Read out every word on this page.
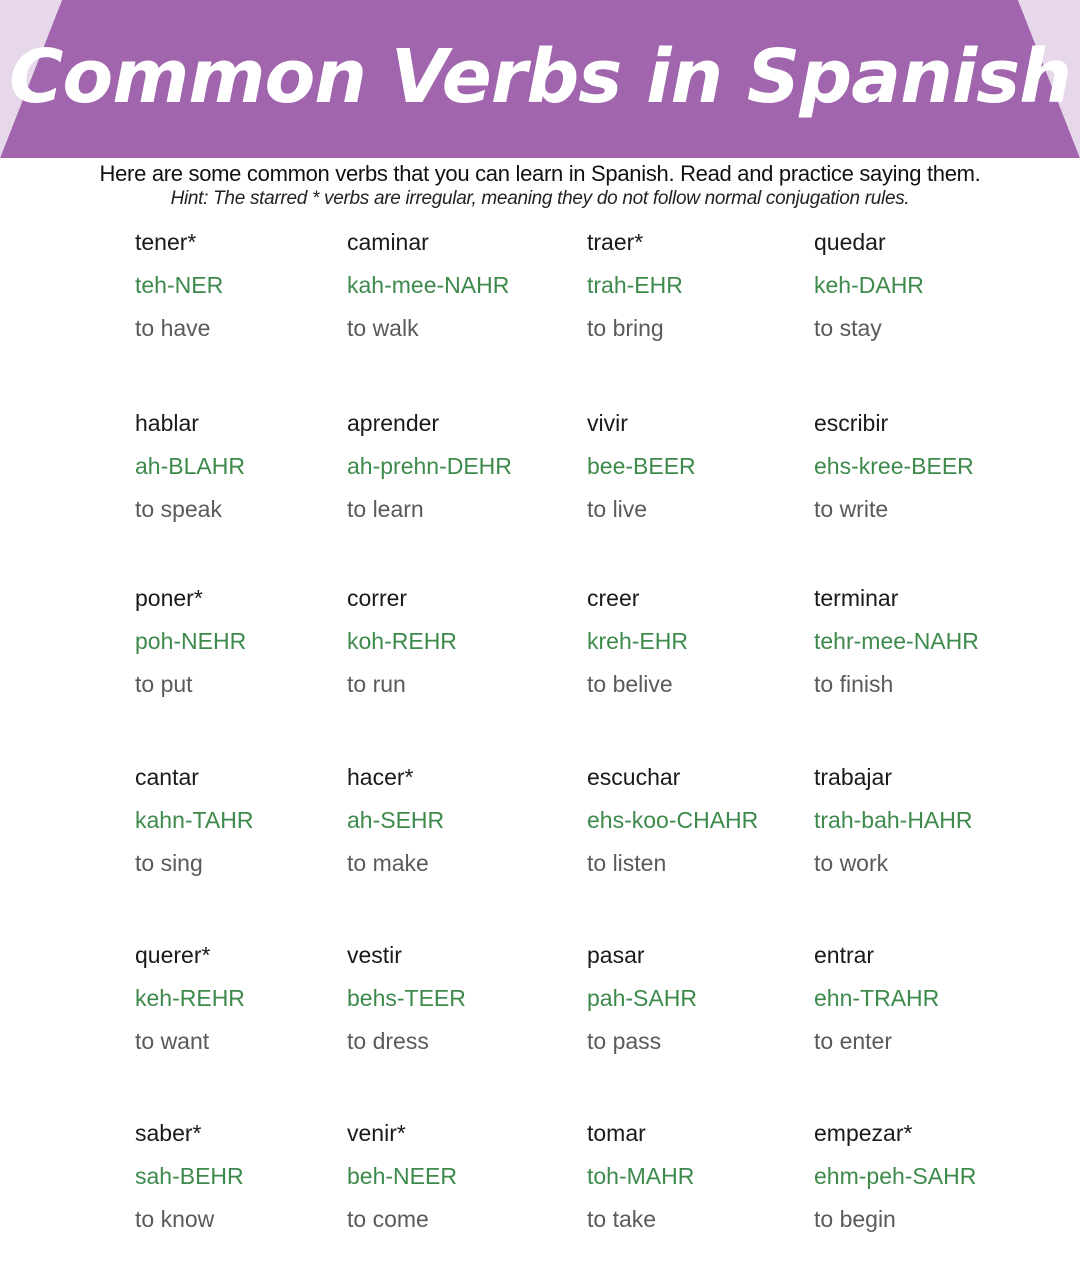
Common Verbs in Spanish
Here are some common verbs that you can learn in Spanish. Read and practice saying them.
Hint: The starred * verbs are irregular, meaning they do not follow normal conjugation rules.
tener*
teh-NER
to have
caminar
kah-mee-NAHR
to walk
traer*
trah-EHR
to bring
quedar
keh-DAHR
to stay
hablar
ah-BLAHR
to speak
aprender
ah-prehn-DEHR
to learn
vivir
bee-BEER
to live
escribir
ehs-kree-BEER
to write
poner*
poh-NEHR
to put
correr
koh-REHR
to run
creer
kreh-EHR
to belive
terminar
tehr-mee-NAHR
to finish
cantar
kahn-TAHR
to sing
hacer*
ah-SEHR
to make
escuchar
ehs-koo-CHAHR
to listen
trabajar
trah-bah-HAHR
to work
querer*
keh-REHR
to want
vestir
behs-TEER
to dress
pasar
pah-SAHR
to pass
entrar
ehn-TRAHR
to enter
saber*
sah-BEHR
to know
venir*
beh-NEER
to come
tomar
toh-MAHR
to take
empezar*
ehm-peh-SAHR
to begin
